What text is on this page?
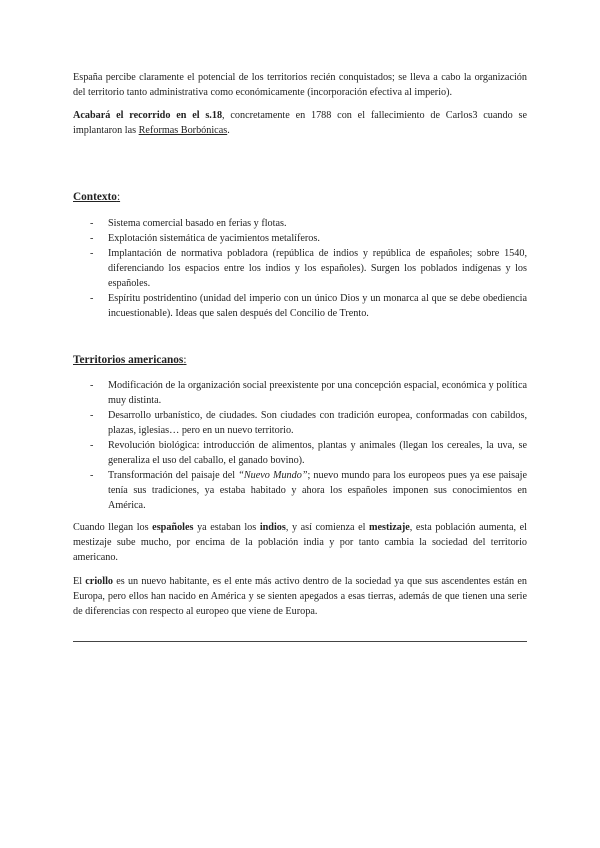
España percibe claramente el potencial de los territorios recién conquistados; se lleva a cabo la organización del territorio tanto administrativa como económicamente (incorporación efectiva al imperio).

Acabará el recorrido en el s.18, concretamente en 1788 con el fallecimiento de Carlos3 cuando se implantaron las Reformas Borbónicas.

Contexto:

- Sistema comercial basado en ferias y flotas.
- Explotación sistemática de yacimientos metalíferos.
- Implantación de normativa pobladora (república de indios y república de españoles; sobre 1540, diferenciando los espacios entre los indios y los españoles). Surgen los poblados indígenas y los españoles.
- Espíritu postridentino (unidad del imperio con un único Dios y un monarca al que se debe obediencia incuestionable). Ideas que salen después del Concilio de Trento.

Territorios americanos:

- Modificación de la organización social preexistente por una concepción espacial, económica y política muy distinta.
- Desarrollo urbanístico, de ciudades. Son ciudades con tradición europea, conformadas con cabildos, plazas, iglesias… pero en un nuevo territorio.
- Revolución biológica: introducción de alimentos, plantas y animales (llegan los cereales, la uva, se generaliza el uso del caballo, el ganado bovino).
- Transformación del paisaje del “Nuevo Mundo”; nuevo mundo para los europeos pues ya ese paisaje tenía sus tradiciones, ya estaba habitado y ahora los españoles imponen sus conocimientos en América.

Cuando llegan los españoles ya estaban los indios, y así comienza el mestizaje, esta población aumenta, el mestizaje sube mucho, por encima de la población india y por tanto cambia la sociedad del territorio americano.

El criollo es un nuevo habitante, es el ente más activo dentro de la sociedad ya que sus ascendentes están en Europa, pero ellos han nacido en América y se sienten apegados a esas tierras, además de que tienen una serie de diferencias con respecto al europeo que viene de Europa.
